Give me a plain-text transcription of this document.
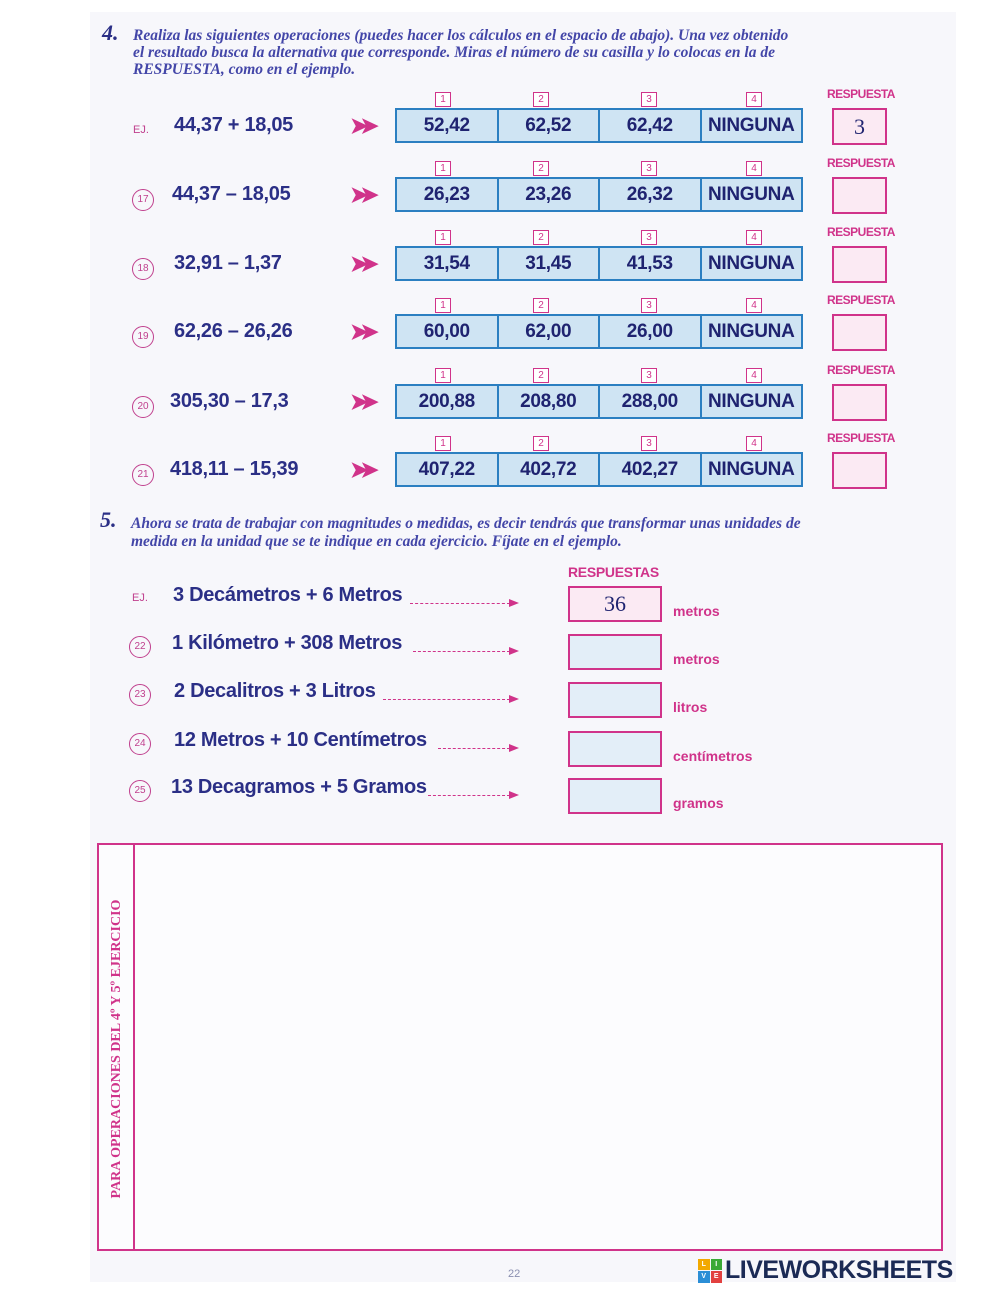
4. Realiza las siguientes operaciones (puedes hacer los cálculos en el espacio de abajo). Una vez obtenido
el resultado busca la alternativa que corresponde. Miras el número de su casilla y lo colocas en la de
RESPUESTA, como en el ejemplo.
EJ. 44,37 + 18,05	➤➤
1	2	3	4
52,42	62,52	62,42	NINGUNA
RESPUESTA
3
17 44,37 – 18,05	➤➤
1	2	3	4
26,23	23,26	26,32	NINGUNA
RESPUESTA
18 32,91 – 1,37	➤➤
1	2	3	4
31,54	31,45	41,53	NINGUNA
RESPUESTA
19 62,26 – 26,26	➤➤
1	2	3	4
60,00	62,00	26,00	NINGUNA
RESPUESTA
20 305,30 – 17,3	➤➤
1	2	3	4
200,88	208,80	288,00	NINGUNA
RESPUESTA
21 418,11 – 15,39 ➤➤
1	2	3	4
407,22	402,72	402,27	NINGUNA
RESPUESTA
5. Ahora se trata de trabajar con magnitudes o medidas, es decir tendrás que transformar unas unidades de
medida en la unidad que se te indique en cada ejercicio. Fíjate en el ejemplo.
RESPUESTAS
EJ. 3 Decámetros + 6 Metros	36	metros
22 1 Kilómetro + 308 Metros
metros
23 2 Decalitros + 3 Litros
litros
24 12 Metros + 10 Centímetros
centímetros
25 13 Decagramos + 5 Gramos
gramos
PARA OPERACIONES DEL 4º Y 5º EJERCICIO
22
L	I
V	E LIVEWORKSHEETS
